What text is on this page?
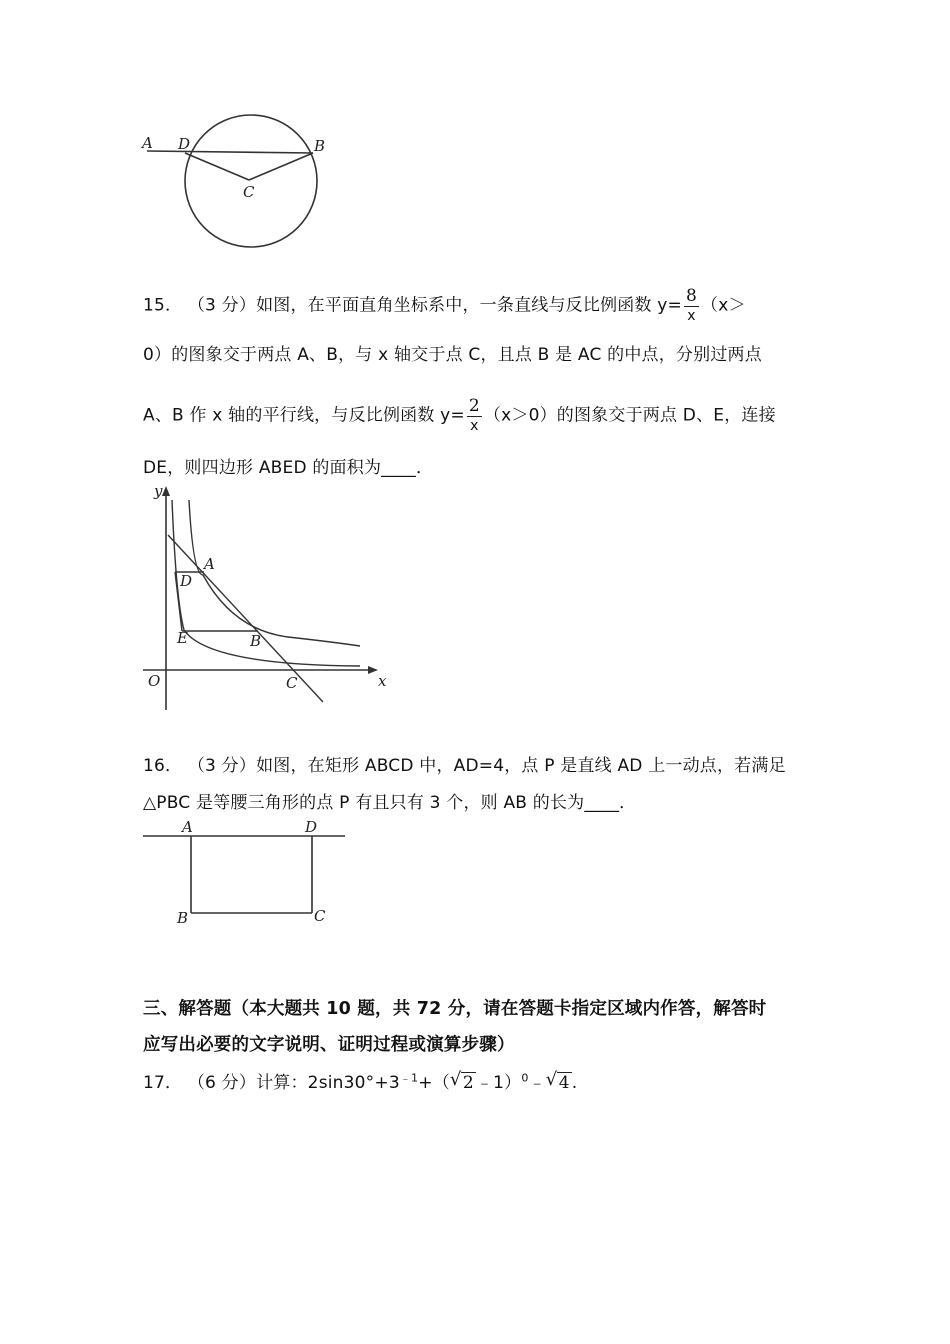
A D	B
C
15． （3 分）如图，在平面直角坐标系中，一条直线与反比例函数 $y= \frac{8}{x} (x>$
0）的图象交于两点 A、B，与 x 轴交于点 C，且点 B 是 AC 的中点，分别过两点
A、B 作 x 轴的平行线，与反比例函数 $y= \frac{2}{x} (x>0)$的图象交于两点 D、E，连接
DE，则四边形 ABED 的面积为____．
y
x
O
A
D
E	B
C
16． （3 分）如图，在矩形 ABCD 中，AD=4，点 P 是直线 AD 上一动点，若满足
△PBC 是等腰三角形的点 P 有且只有 3 个，则 AB 的长为____．
A	D
B	C
三、解答题（本大题共 10 题，共 72 分，请在答题卡指定区域内作答，解答时
应写出必要的文字说明、证明过程或演算步骤）
17． （6 分）计算：$2\sin 30^\circ+3^{﹣1}+$（ √ 2 ﹣1）$^0$﹣ √ 4 .
